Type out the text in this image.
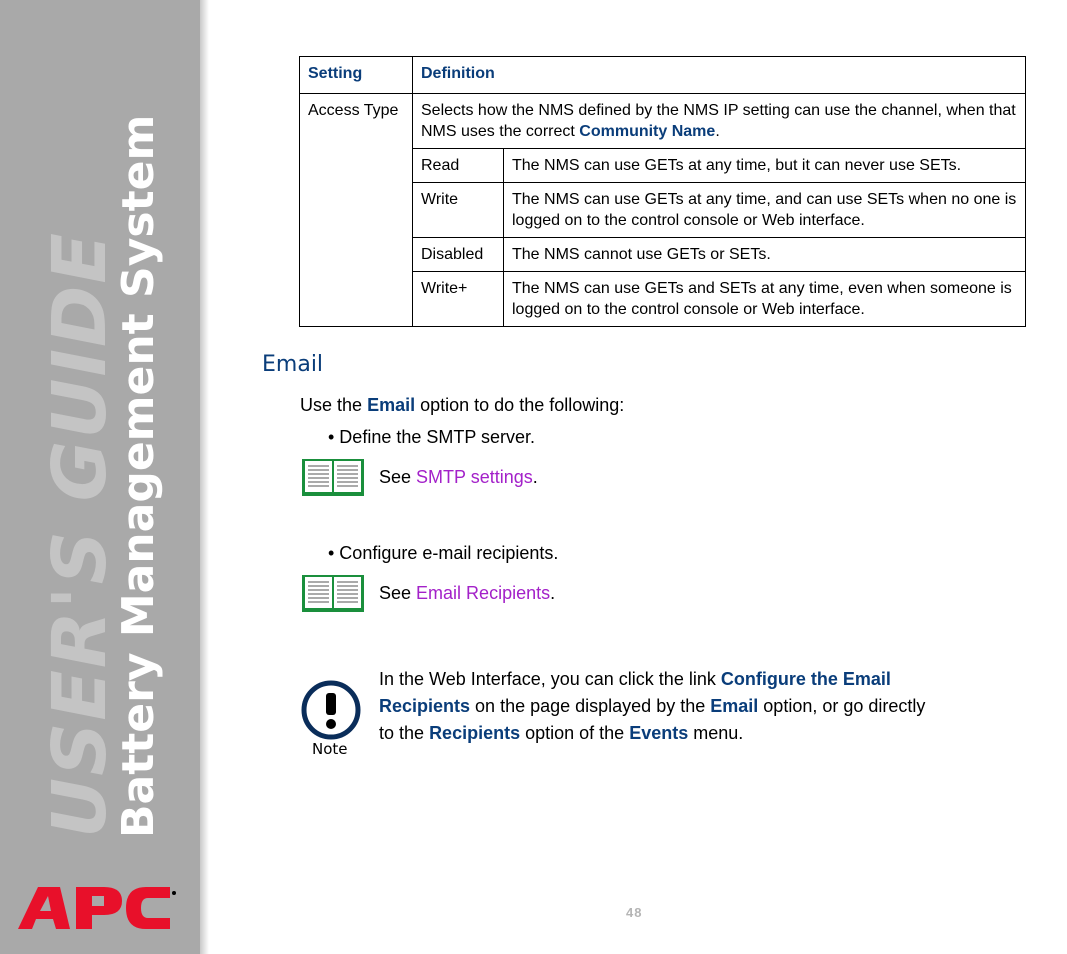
USER'S GUIDE
Battery Management System
Setting	Definition	
Access Type	Selects how the NMS defined by the NMS IP setting can use the channel, when that NMS uses the correct Community Name.	
	Read	The NMS can use GETs at any time, but it can never use SETs.
	Write	The NMS can use GETs at any time, and can use SETs when no one is logged on to the control console or Web interface.
	Disabled	The NMS cannot use GETs or SETs.
	Write+	The NMS can use GETs and SETs at any time, even when someone is logged on to the control console or Web interface.
Email
Use the Email option to do the following:
• Define the SMTP server.
See SMTP settings.
• Configure e-mail recipients.
See Email Recipients.
Note
In the Web Interface, you can click the link Configure the Email Recipients on the page displayed by the Email option, or go directly to the Recipients option of the Events menu.
48
